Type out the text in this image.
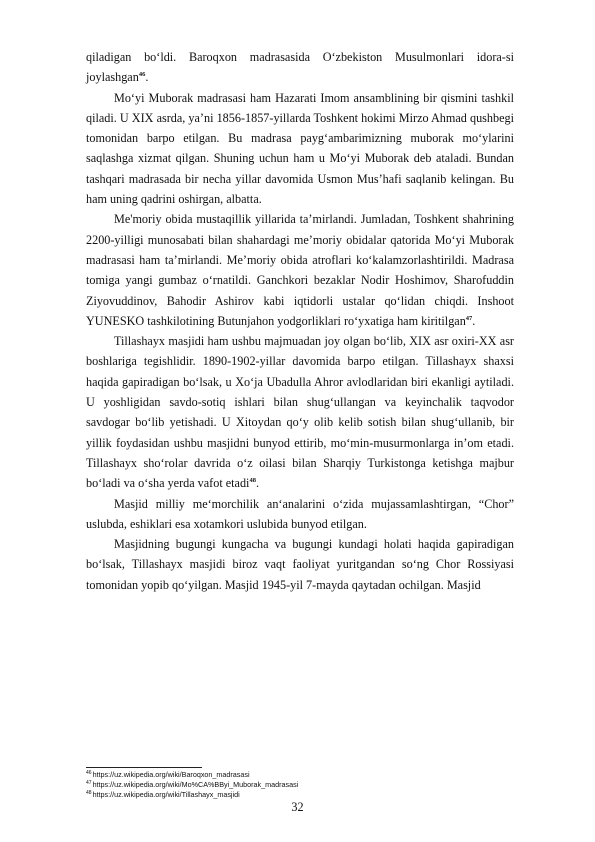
qiladigan bo‘ldi. Baroqxon madrasasida O‘zbekiston Musulmonlari idora-si joylashgan$^{46}$.

Mo‘yi Muborak madrasasi ham Hazarati Imom ansamblining bir qismini tashkil qiladi. U XIX asrda, ya’ni 1856-1857-yillarda Toshkent hokimi Mirzo Ahmad qushbegi tomonidan barpo etilgan. Bu madrasa payg‘ambarimizning muborak mo‘ylarini saqlashga xizmat qilgan. Shuning uchun ham u Mo‘yi Muborak deb ataladi. Bundan tashqari madrasada bir necha yillar davomida Usmon Mus’hafi saqlanib kelingan. Bu ham uning qadrini oshirgan, albatta.

Me'moriy obida mustaqillik yillarida ta’mirlandi. Jumladan, Toshkent shahrining 2200-yilligi munosabati bilan shahardagi me’moriy obidalar qatorida Mo‘yi Muborak madrasasi ham ta’mirlandi. Me’moriy obida atroflari ko‘kalamzorlashtirildi. Madrasa tomiga yangi gumbaz o‘rnatildi. Ganchkori bezaklar Nodir Hoshimov, Sharofuddin Ziyovuddinov, Bahodir Ashirov kabi iqtidorli ustalar qo‘lidan chiqdi. Inshoot YUNESKO tashkilotining Butunjahon yodgorliklari ro‘yxatiga ham kiritilgan$^{47}$.

Tillashayx masjidi ham ushbu majmuadan joy olgan bo‘lib, XIX asr oxiri-XX asr boshlariga tegishlidir. 1890-1902-yillar davomida barpo etilgan. Tillashayx shaxsi haqida gapiradigan bo‘lsak, u Xo‘ja Ubadulla Ahror avlodlaridan biri ekanligi aytiladi. U yoshligidan savdo-sotiq ishlari bilan shug‘ullangan va keyinchalik taqvodor savdogar bo‘lib yetishadi. U Xitoydan qo‘y olib kelib sotish bilan shug‘ullanib, bir yillik foydasidan ushbu masjidni bunyod ettirib, mo‘min-musurmonlarga in’om etadi. Tillashayx sho‘rolar davrida o‘z oilasi bilan Sharqiy Turkistonga ketishga majbur bo‘ladi va o‘sha yerda vafot etadi$^{48}$.

Masjid milliy me‘morchilik an‘analarini o‘zida mujassamlashtirgan, “Chor” uslubda, eshiklari esa xotamkori uslubida bunyod etilgan.

Masjidning bugungi kungacha va bugungi kundagi holati haqida gapiradigan bo‘lsak, Tillashayx masjidi biroz vaqt faoliyat yuritgandan so‘ng Chor Rossiyasi tomonidan yopib qo‘yilgan. Masjid 1945-yil 7-mayda qaytadan ochilgan. Masjid

$^{46}$https://uz.wikipedia.org/wiki/Baroqxon_madrasasi
$^{47}$https://uz.wikipedia.org/wiki/Mo%CA%BByi_Muborak_madrasasi
$^{48}$https://uz.wikipedia.org/wiki/Tillashayx_masjidi
32
